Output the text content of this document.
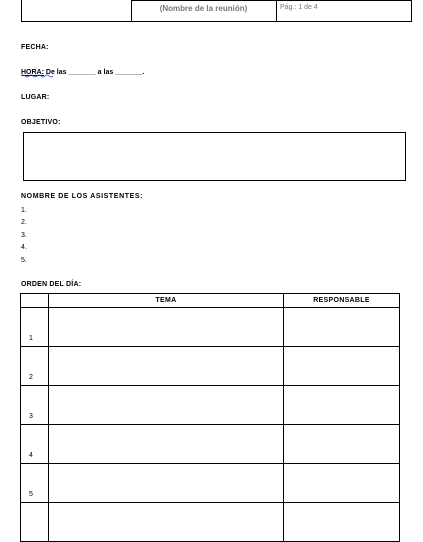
(Nombre de la reunión)	Pág.: 1 de 4
FECHA:
HORA: De las _______ a las _______.
LUGAR:
OBJETIVO:
NOMBRE DE LOS ASISTENTES:
1.
2.
3.
4.
5.
ORDEN DEL DÍA:
	TEMA	RESPONSABLE
1		
2		
3		
4		
5		
